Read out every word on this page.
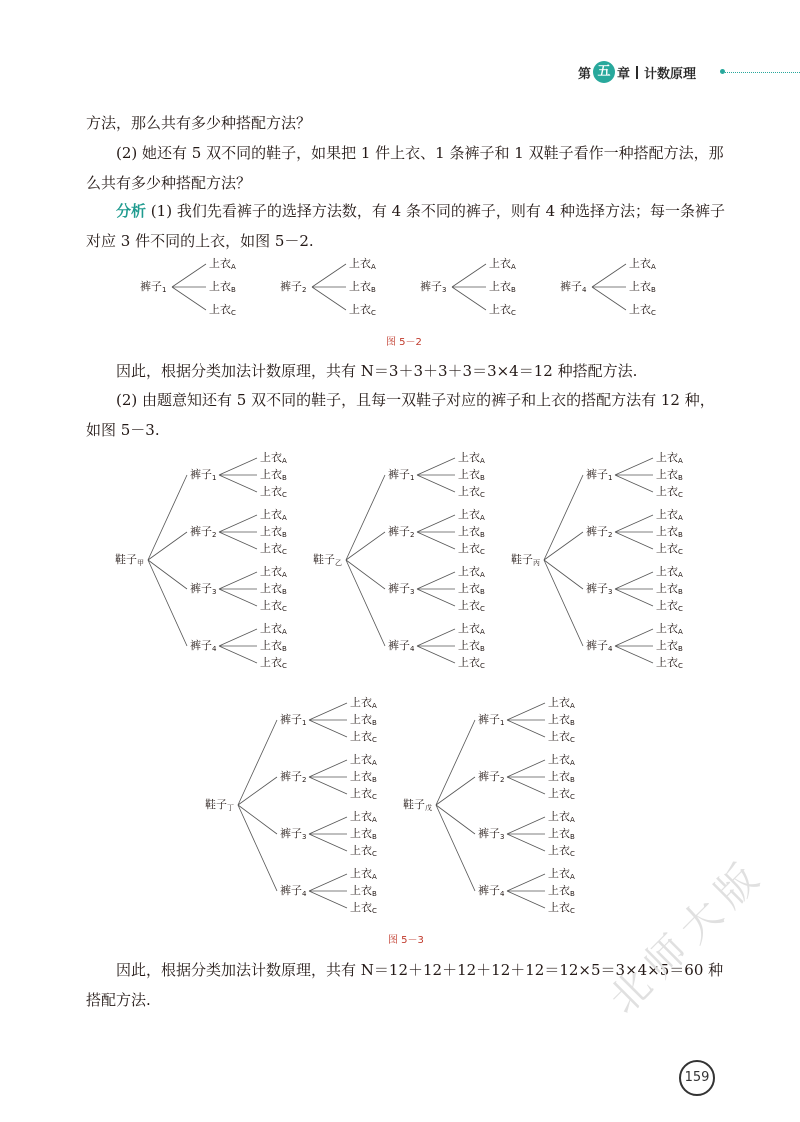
第 五 章 计数原理
方法，那么共有多少种搭配方法？
(2) 她还有 5 双不同的鞋子，如果把 1 件上衣、1 条裤子和 1 双鞋子看作一种搭配方法，那么共有多少种搭配方法？
分析 (1) 我们先看裤子的选择方法数，有 4 条不同的裤子，则有 4 种选择方法；每一条裤子对应 3 件不同的上衣，如图 5－2.
裤子$_1$
上衣$_A$
上衣$_B$
上衣$_C$
裤子$_2$
上衣$_A$
上衣$_B$
上衣$_C$
裤子$_3$
上衣$_A$
上衣$_B$
上衣$_C$
裤子$_4$
上衣$_A$
上衣$_B$
上衣$_C$
图 5－2
因此，根据分类加法计数原理，共有 N＝3＋3＋3＋3＝3×4＝12 种搭配方法.
(2) 由题意知还有 5 双不同的鞋子，且每一双鞋子对应的裤子和上衣的搭配方法有 12 种，如图 5－3.
鞋子$_甲$
裤子$_1$
上衣$_A$
上衣$_B$
上衣$_C$
裤子$_2$
上衣$_A$
上衣$_B$
上衣$_C$
裤子$_3$
上衣$_A$
上衣$_B$
上衣$_C$
裤子$_4$
上衣$_A$
上衣$_B$
上衣$_C$
鞋子$_乙$
裤子$_1$
上衣$_A$
上衣$_B$
上衣$_C$
裤子$_2$
上衣$_A$
上衣$_B$
上衣$_C$
裤子$_3$
上衣$_A$
上衣$_B$
上衣$_C$
裤子$_4$
上衣$_A$
上衣$_B$
上衣$_C$
鞋子$_丙$
裤子$_1$
上衣$_A$
上衣$_B$
上衣$_C$
裤子$_2$
上衣$_A$
上衣$_B$
上衣$_C$
裤子$_3$
上衣$_A$
上衣$_B$
上衣$_C$
裤子$_4$
上衣$_A$
上衣$_B$
上衣$_C$
鞋子$_丁$
裤子$_1$
上衣$_A$
上衣$_B$
上衣$_C$
裤子$_2$
上衣$_A$
上衣$_B$
上衣$_C$
裤子$_3$
上衣$_A$
上衣$_B$
上衣$_C$
裤子$_4$
上衣$_A$
上衣$_B$
上衣$_C$
鞋子$_戊$
裤子$_1$
上衣$_A$
上衣$_B$
上衣$_C$
裤子$_2$
上衣$_A$
上衣$_B$
上衣$_C$
裤子$_3$
上衣$_A$
上衣$_B$
上衣$_C$
裤子$_4$
上衣$_A$
上衣$_B$
上衣$_C$
图 5－3
因此，根据分类加法计数原理，共有 N＝12＋12＋12＋12＋12＝12×5＝3×4×5＝60 种搭配方法.	北师大版
159
